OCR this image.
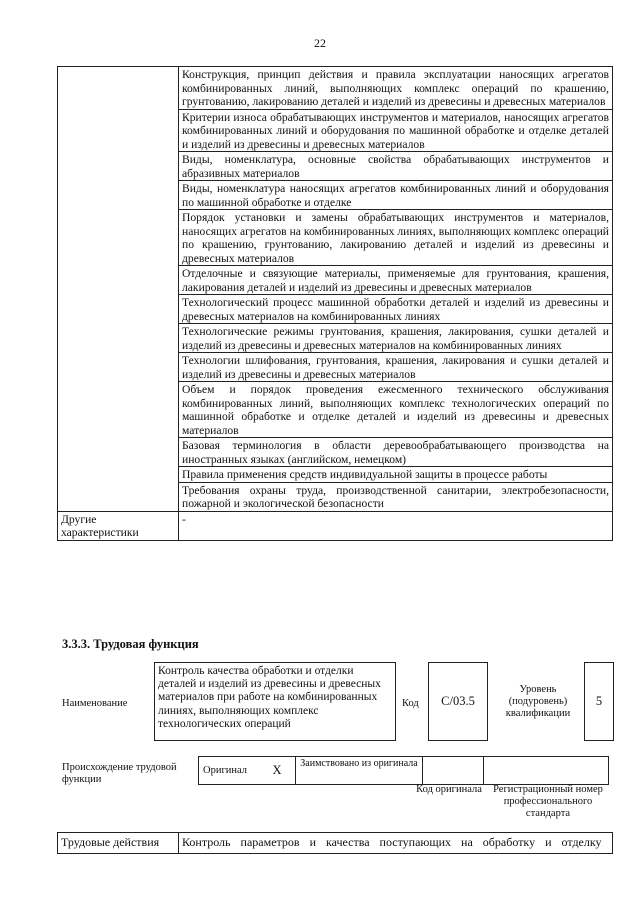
22
	Конструкция, принцип действия и правила эксплуатации наносящих агрегатов комбинированных линий, выполняющих комплекс операций по крашению, грунтованию, лакированию деталей и изделий из древесины и древесных материалов
	Критерии износа обрабатывающих инструментов и материалов, наносящих агрегатов комбинированных линий и оборудования по машинной обработке и отделке деталей и изделий из древесины и древесных материалов
	Виды, номенклатура, основные свойства обрабатывающих инструментов и абразивных материалов
	Виды, номенклатура наносящих агрегатов комбинированных линий и оборудования по машинной обработке и отделке
	Порядок установки и замены обрабатывающих инструментов и материалов, наносящих агрегатов на комбинированных линиях, выполняющих комплекс операций по крашению, грунтованию, лакированию деталей и изделий из древесины и древесных материалов
	Отделочные и связующие материалы, применяемые для грунтования, крашения, лакирования деталей и изделий из древесины и древесных материалов
	Технологический процесс машинной обработки деталей и изделий из древесины и древесных материалов на комбинированных линиях
	Технологические режимы грунтования, крашения, лакирования, сушки деталей и изделий из древесины и древесных материалов на комбинированных линиях
	Технологии шлифования, грунтования, крашения, лакирования и сушки деталей и изделий из древесины и древесных материалов
	Объем и порядок проведения ежесменного технического обслуживания комбинированных линий, выполняющих комплекс технологических операций по машинной обработке и отделке деталей и изделий из древесины и древесных материалов
	Базовая терминология в области деревообрабатывающего производства на иностранных языках (английском, немецком)
	Правила применения средств индивидуальной защиты в процессе работы
	Требования охраны труда, производственной санитарии, электробезопасности, пожарной и экологической безопасности
Другие характеристики	-
3.3.3. Трудовая функция
Наименование
Контроль качества обработки и отделки деталей и изделий из древесины и древесных материалов при работе на комбинированных линиях, выполняющих комплекс технологических операций
Код	C/03.5
Уровень (подуровень) квалификации
5
Происхождение трудовой функции
Оригинал	X	Заимствовано из оригинала		
Код оригинала	Регистрационный номер профессионального стандарта
Трудовые действия	Контроль параметров и качества поступающих на обработку и отделку
